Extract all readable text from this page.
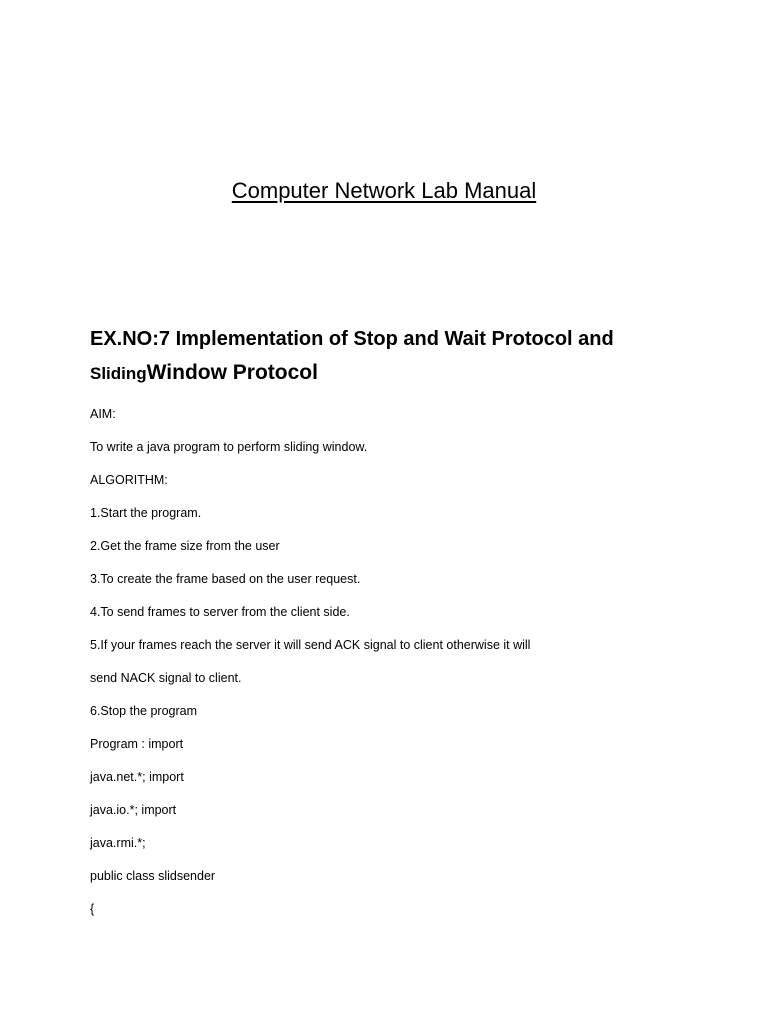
Computer Network Lab Manual
EX.NO:7 Implementation of Stop and Wait Protocol and
SlidingWindow Protocol
AIM:
To write a java program to perform sliding window.
ALGORITHM:
1.Start the program.
2.Get the frame size from the user
3.To create the frame based on the user request.
4.To send frames to server from the client side.
5.If your frames reach the server it will send ACK signal to client otherwise it will
send NACK signal to client.
6.Stop the program
Program : import
java.net.*; import
java.io.*; import
java.rmi.*;
public class slidsender
{
